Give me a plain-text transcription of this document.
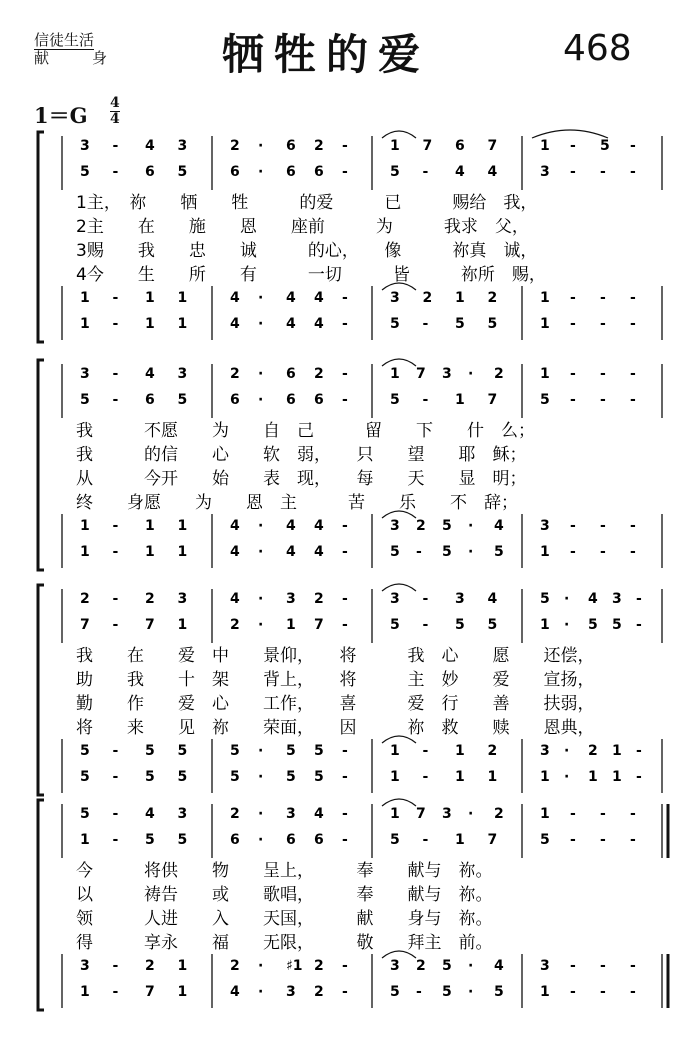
信徒生活
献　身 牺牲的爱	468
1＝G 4
4
3 - 4 3	2 · 6 2 -	1 7 6 7	1 - 5 -
5 - 6 5	6 · 6 6 -	5 - 4 4	3 - - -
1 - 1 1	4 · 4 4 -	3 2 1 2	1 - - -
1 - 1 1	4 · 4 4 -	5 - 5 5	1 - - -
1主，　祢　　牺　　牲　　　的爱　　　已　　　赐给　我，
2主　　在　　施　　恩　　座前　　　为　　　我求　父，
3赐　　我　　忠　　诚　　　的心，　　像　　　祢真　诚，
4今　　生　　所　　有　　　一切　　　皆　　　祢所　赐，
3 - 4 3	2 · 6 2 -	1 7 3 · 2	1 - - -
5 - 6 5	6 · 6 6 -	5 - 1 7	5 - - -
1 - 1 1	4 · 4 4 -	3 2 5 · 4	3 - - -
1 - 1 1	4 · 4 4 -	5 - 5 · 5	1 - - -
我　　　不愿　　为　　自　己　　　留　　下　　什　么；
我　　　的信　　心　　软　弱，　　只　　望　　耶　稣；
从　　　今开　　始　　表　现，　　每　　天　　显　明；
终　　身愿　　为　　恩　主　　　苦　　乐　　不　辞；
2 - 2 3	4 · 3 2 -	3 - 3 4	5 · 4 3 -
7 - 7 1	2 · 1 7 -	5 - 5 5	1 · 5 5 -
5 - 5 5	5 · 5 5 -	1 - 1 2	3 · 2 1 -
5 - 5 5	5 · 5 5 -	1 - 1 1	1 · 1 1 -
我　　在　　爱　中　　景仰，　　将　　　我　心　　愿　　还偿，
助　　我　　十　架　　背上，　　将　　　主　妙　　爱　　宣扬，
勤　　作　　爱　心　　工作，　　喜　　　爱　行　　善　　扶弱，
将　　来　　见　祢　　荣面，　　因　　　祢　救　　赎　　恩典，
5 - 4 3	2 · 3 4 -	1 7 3 · 2	1 - - -
1 - 5 5	6 · 6 6 -	5 - 1 7	5 - - -
3 - 2 1	2 · ♯1 2 -	3 2 5 · 4	3 - - -
1 - 7 1	4 · 3 2 -	5 - 5 · 5	1 - - -
今　　　将供　　物　　呈上，　　　奉　　献与　祢。
以　　　祷告　　或　　歌唱，　　　奉　　献与　祢。
领　　　人进　　入　　天国，　　　献　　身与　祢。
得　　　享永　　福　　无限，　　　敬　　拜主　前。
